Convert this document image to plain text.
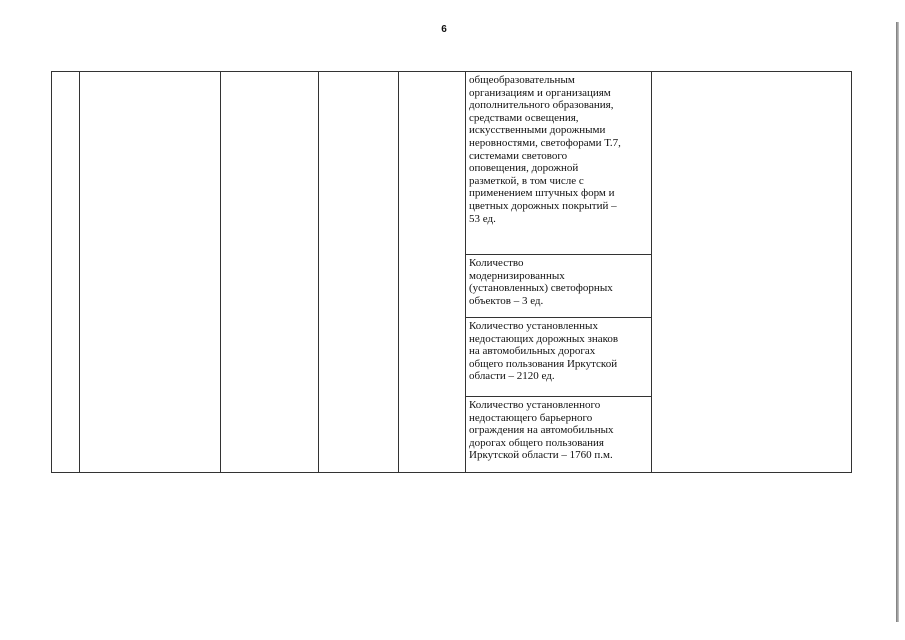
6
					общеобразовательным
организациям и организациям
дополнительного образования,
средствами освещения,
искусственными дорожными
неровностями, светофорами Т.7,
системами светового
оповещения, дорожной
разметкой, в том числе с
применением штучных форм и
цветных дорожных покрытий –
53 ед.	
Количество
модернизированных
(установленных) светофорных
объектов – 3 ед.
Количество установленных
недостающих дорожных знаков
на автомобильных дорогах
общего пользования Иркутской
области – 2120 ед.
Количество установленного
недостающего барьерного
ограждения на автомобильных
дорогах общего пользования
Иркутской области – 1760 п.м.
